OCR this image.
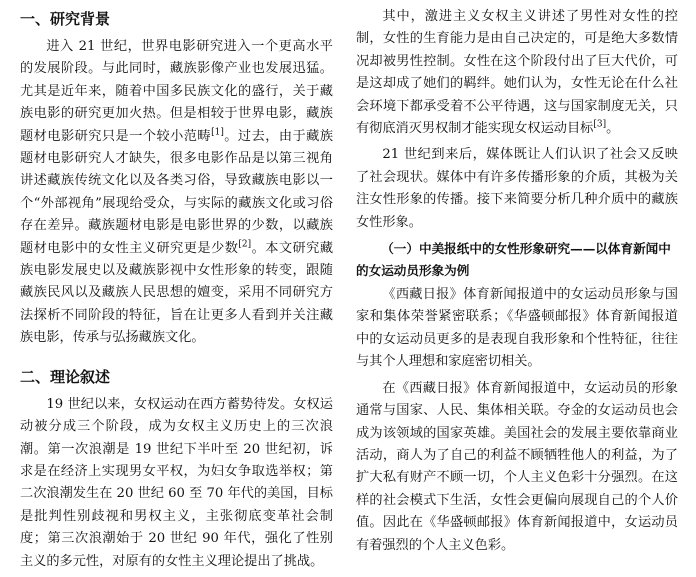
一、研究背景

进入 21 世纪，世界电影研究进入一个更高水平的发展阶段。与此同时，藏族影像产业也发展迅猛。尤其是近年来，随着中国多民族文化的盛行，关于藏族电影的研究更加火热。但是相较于世界电影，藏族题材电影研究只是一个较小范畴[1]。过去，由于藏族题材电影研究人才缺失，很多电影作品是以第三视角讲述藏族传统文化以及各类习俗，导致藏族电影以一个“外部视角”展现给受众，与实际的藏族文化或习俗存在差异。藏族题材电影是电影世界的少数，以藏族题材电影中的女性主义研究更是少数[2]。本文研究藏族电影发展史以及藏族影视中女性形象的转变，跟随藏族民风以及藏族人民思想的嬗变，采用不同研究方法探析不同阶段的特征，旨在让更多人看到并关注藏族电影，传承与弘扬藏族文化。

二、理论叙述

19 世纪以来，女权运动在西方蓄势待发。女权运动被分成三个阶段，成为女权主义历史上的三次浪潮。第一次浪潮是 19 世纪下半叶至 20 世纪初，诉求是在经济上实现男女平权，为妇女争取选举权；第二次浪潮发生在 20 世纪 60 至 70 年代的美国，目标是批判性别歧视和男权主义，主张彻底变革社会制度；第三次浪潮始于 20 世纪 90 年代，强化了性别主义的多元性，对原有的女性主义理论提出了挑战。

其中，激进主义女权主义讲述了男性对女性的控制，女性的生育能力是由自己决定的，可是绝大多数情况却被男性控制。女性在这个阶段付出了巨大代价，可是这却成了她们的羁绊。她们认为，女性无论在什么社会环境下都承受着不公平待遇，这与国家制度无关，只有彻底消灭男权制才能实现女权运动目标[3]。

21 世纪到来后，媒体既让人们认识了社会又反映了社会现状。媒体中有许多传播形象的介质，其极为关注女性形象的传播。接下来简要分析几种介质中的藏族女性形象。

（一）中美报纸中的女性形象研究——以体育新闻中的女运动员形象为例

《西藏日报》体育新闻报道中的女运动员形象与国家和集体荣誉紧密联系；《华盛顿邮报》体育新闻报道中的女运动员更多的是表现自我形象和个性特征，往往与其个人理想和家庭密切相关。

在《西藏日报》体育新闻报道中，女运动员的形象通常与国家、人民、集体相关联。夺金的女运动员也会成为该领域的国家英雄。美国社会的发展主要依靠商业活动，商人为了自己的利益不顾牺牲他人的利益，为了扩大私有财产不顾一切，个人主义色彩十分强烈。在这样的社会模式下生活，女性会更偏向展现自己的个人价值。因此在《华盛顿邮报》体育新闻报道中，女运动员有着强烈的个人主义色彩。
